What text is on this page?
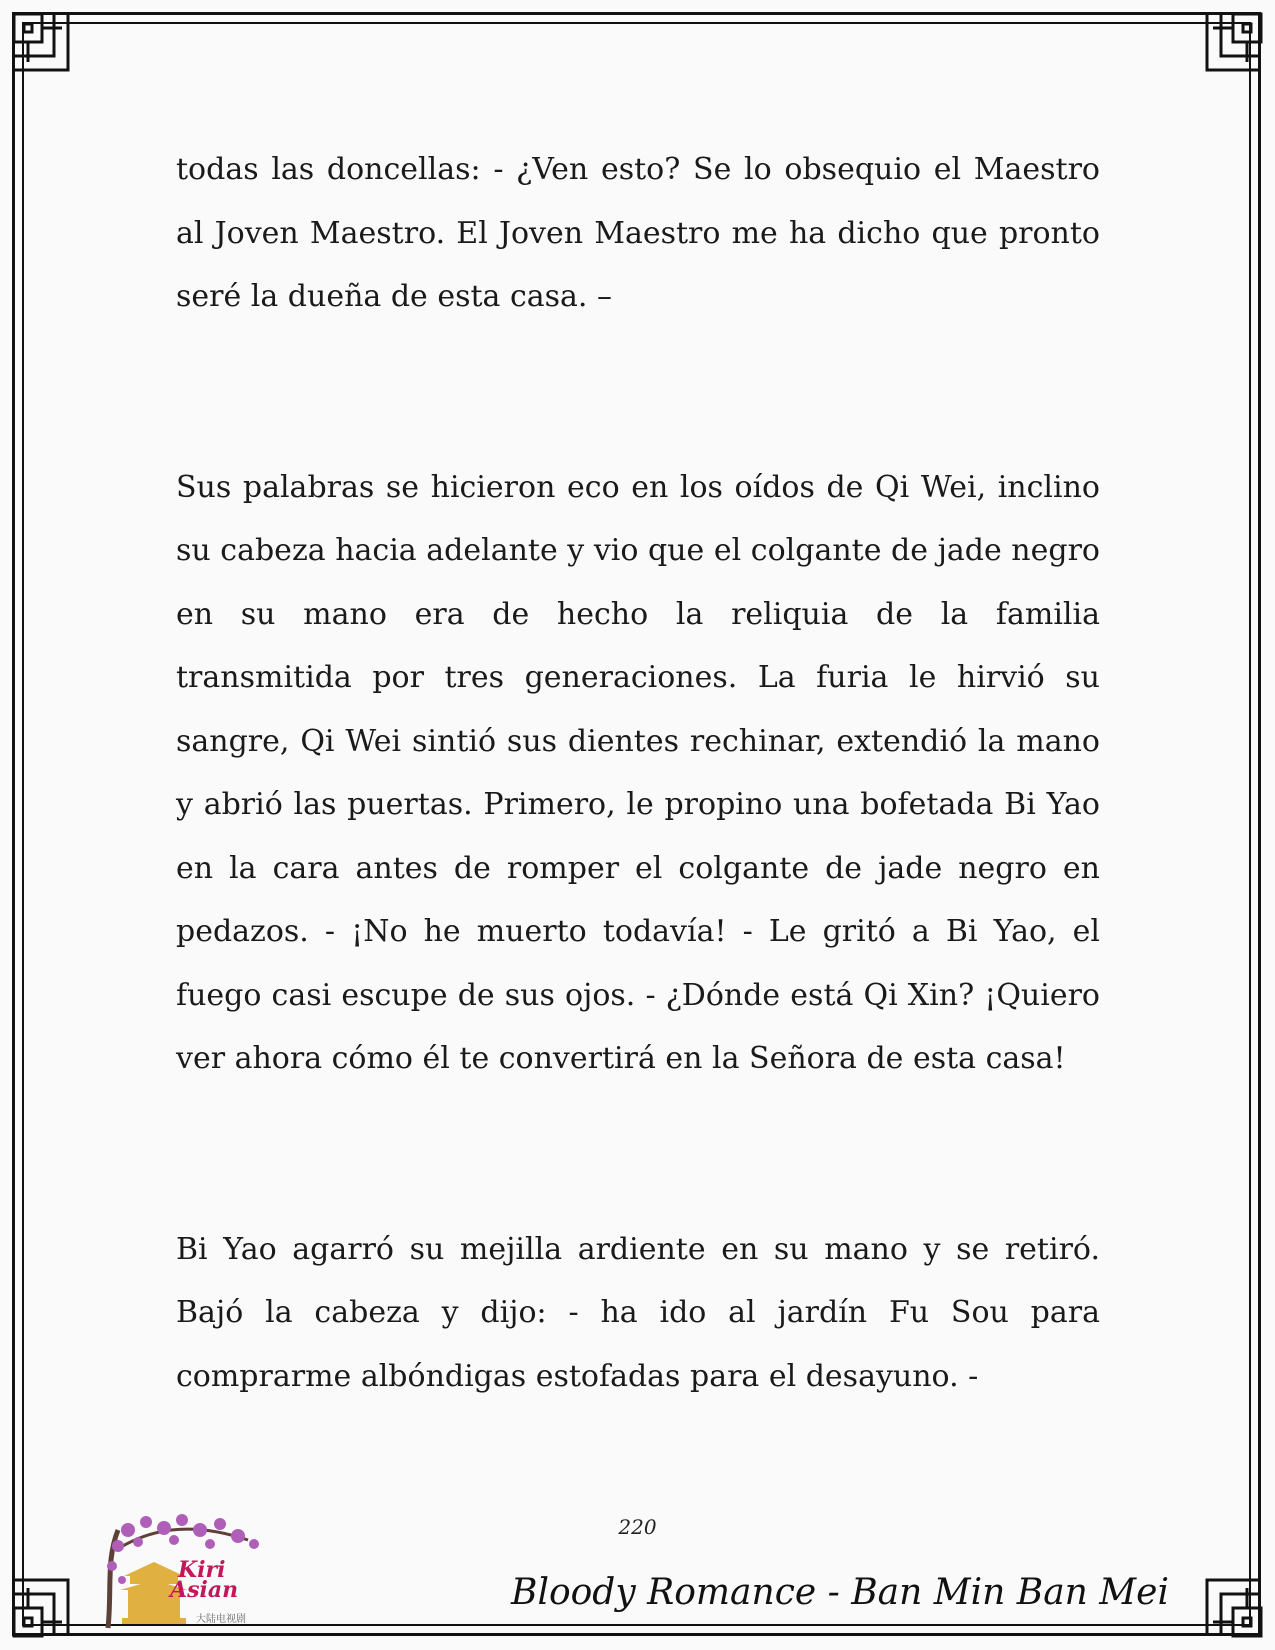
todas las doncellas: - ¿Ven esto? Se lo obsequio el Maestro al Joven Maestro. El Joven Maestro me ha dicho que pronto seré la dueña de esta casa. –

Sus palabras se hicieron eco en los oídos de Qi Wei, inclino su cabeza hacia adelante y vio que el colgante de jade negro en su mano era de hecho la reliquia de la familia transmitida por tres generaciones. La furia le hirvió su sangre, Qi Wei sintió sus dientes rechinar, extendió la mano y abrió las puertas. Primero, le propino una bofetada Bi Yao en la cara antes de romper el colgante de jade negro en pedazos. - ¡No he muerto todavía! - Le gritó a Bi Yao, el fuego casi escupe de sus ojos. - ¿Dónde está Qi Xin? ¡Quiero ver ahora cómo él te convertirá en la Señora de esta casa!

Bi Yao agarró su mejilla ardiente en su mano y se retiró. Bajó la cabeza y dijo: - ha ido al jardín Fu Sou para comprarme albóndigas estofadas para el desayuno. -

220
Bloody Romance - Ban Min Ban Mei
Kiri
Asian
大陆电视剧
